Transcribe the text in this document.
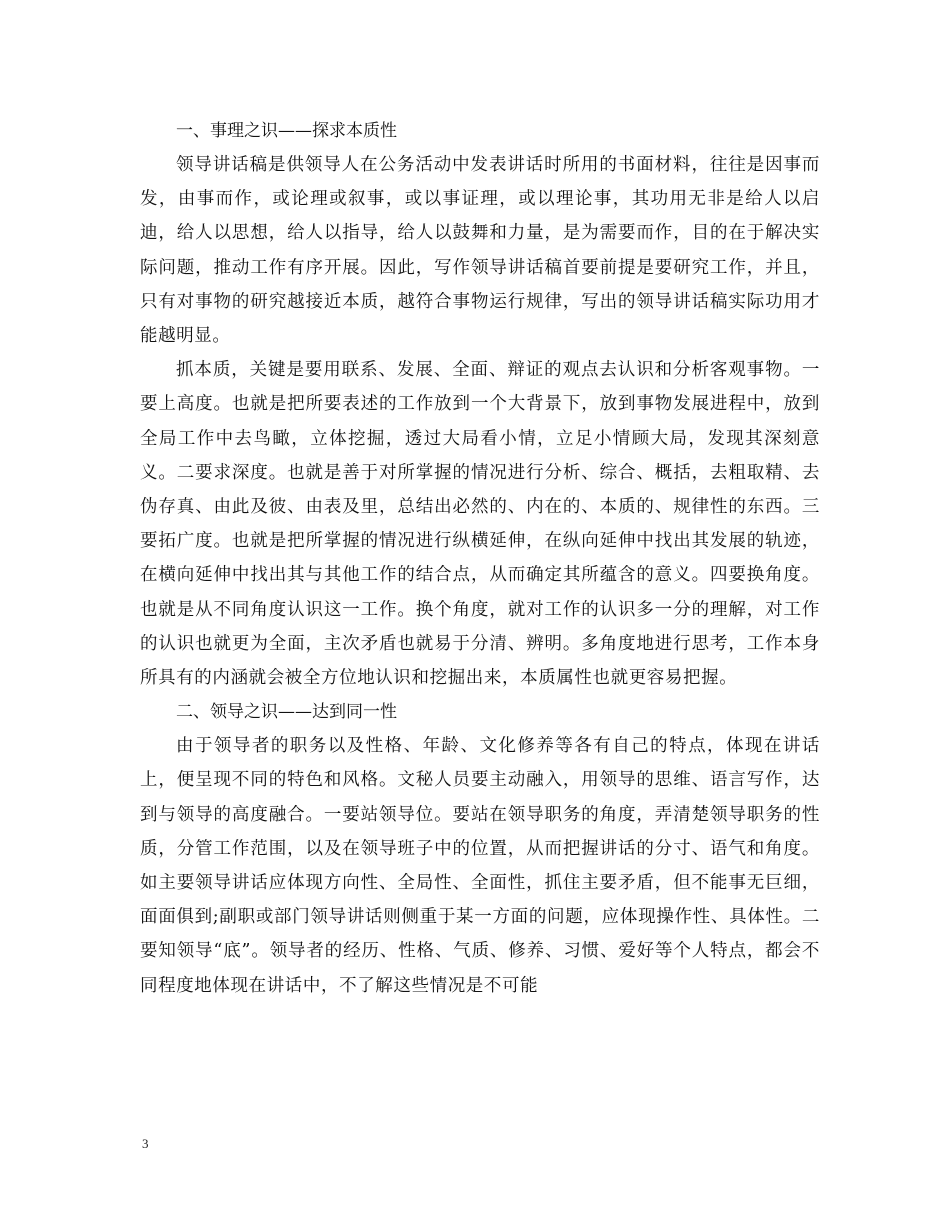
一、事理之识——探求本质性

领导讲话稿是供领导人在公务活动中发表讲话时所用的书面材料，往往是因事而发，由事而作，或论理或叙事，或以事证理，或以理论事，其功用无非是给人以启迪，给人以思想，给人以指导，给人以鼓舞和力量，是为需要而作，目的在于解决实际问题，推动工作有序开展。因此，写作领导讲话稿首要前提是要研究工作，并且，只有对事物的研究越接近本质，越符合事物运行规律，写出的领导讲话稿实际功用才能越明显。

抓本质，关键是要用联系、发展、全面、辩证的观点去认识和分析客观事物。一要上高度。也就是把所要表述的工作放到一个大背景下，放到事物发展进程中，放到全局工作中去鸟瞰，立体挖掘，透过大局看小情，立足小情顾大局，发现其深刻意义。二要求深度。也就是善于对所掌握的情况进行分析、综合、概括，去粗取精、去伪存真、由此及彼、由表及里，总结出必然的、内在的、本质的、规律性的东西。三要拓广度。也就是把所掌握的情况进行纵横延伸，在纵向延伸中找出其发展的轨迹，在横向延伸中找出其与其他工作的结合点，从而确定其所蕴含的意义。四要换角度。也就是从不同角度认识这一工作。换个角度，就对工作的认识多一分的理解，对工作的认识也就更为全面，主次矛盾也就易于分清、辨明。多角度地进行思考，工作本身所具有的内涵就会被全方位地认识和挖掘出来，本质属性也就更容易把握。

二、领导之识——达到同一性

由于领导者的职务以及性格、年龄、文化修养等各有自己的特点，体现在讲话上，便呈现不同的特色和风格。文秘人员要主动融入，用领导的思维、语言写作，达到与领导的高度融合。一要站领导位。要站在领导职务的角度，弄清楚领导职务的性质，分管工作范围，以及在领导班子中的位置，从而把握讲话的分寸、语气和角度。如主要领导讲话应体现方向性、全局性、全面性，抓住主要矛盾，但不能事无巨细，面面俱到;副职或部门领导讲话则侧重于某一方面的问题，应体现操作性、具体性。二要知领导“底”。领导者的经历、性格、气质、修养、习惯、爱好等个人特点，都会不同程度地体现在讲话中，不了解这些情况是不可能

3
